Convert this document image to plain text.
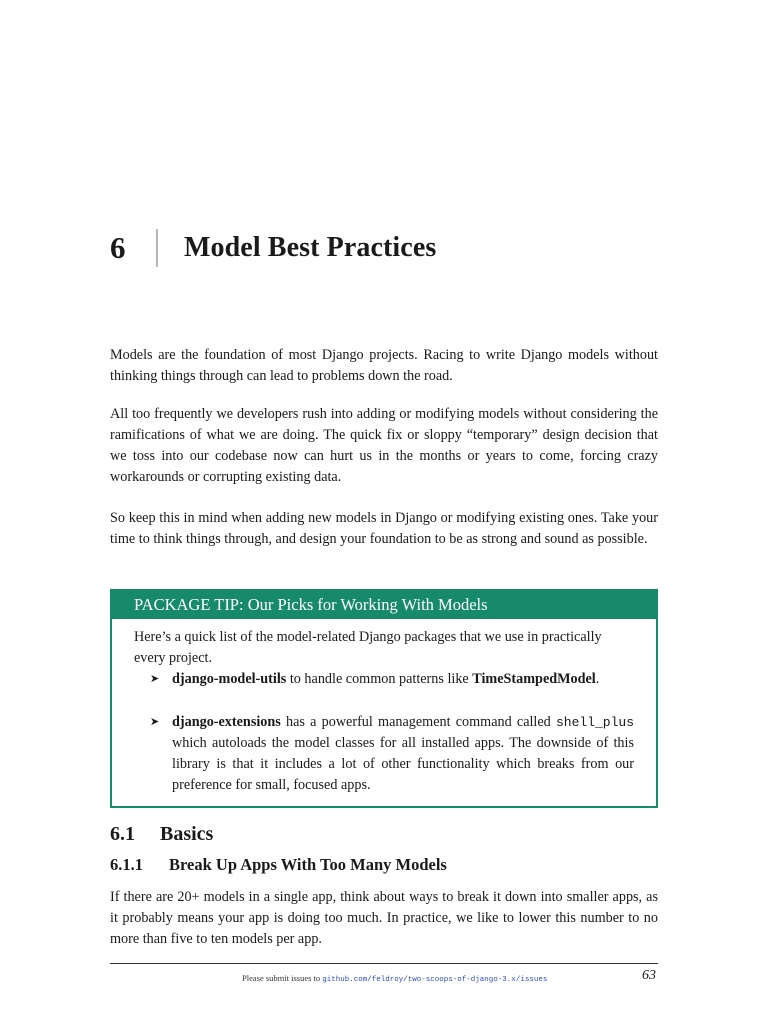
6	Model Best Practices

Models are the foundation of most Django projects. Racing to write Django models without thinking things through can lead to problems down the road.

All too frequently we developers rush into adding or modifying models without considering the ramifications of what we are doing. The quick fix or sloppy “temporary” design decision that we toss into our codebase now can hurt us in the months or years to come, forcing crazy workarounds or corrupting existing data.

So keep this in mind when adding new models in Django or modifying existing ones. Take your time to think things through, and design your foundation to be as strong and sound as possible.

PACKAGE TIP: Our Picks for Working With Models

Here’s a quick list of the model-related Django packages that we use in practically every project.

➤ django-model-utils to handle common patterns like TimeStampedModel.
➤ django-extensions has a powerful management command called shell_plus which autoloads the model classes for all installed apps. The downside of this library is that it includes a lot of other functionality which breaks from our preference for small, focused apps.
6.1	Basics
6.1.1	Break Up Apps With Too Many Models

If there are 20+ models in a single app, think about ways to break it down into smaller apps, as it probably means your app is doing too much. In practice, we like to lower this number to no more than five to ten models per app.

Please submit issues to github.com/feldroy/two-scoops-of-django-3.x/issues	63
